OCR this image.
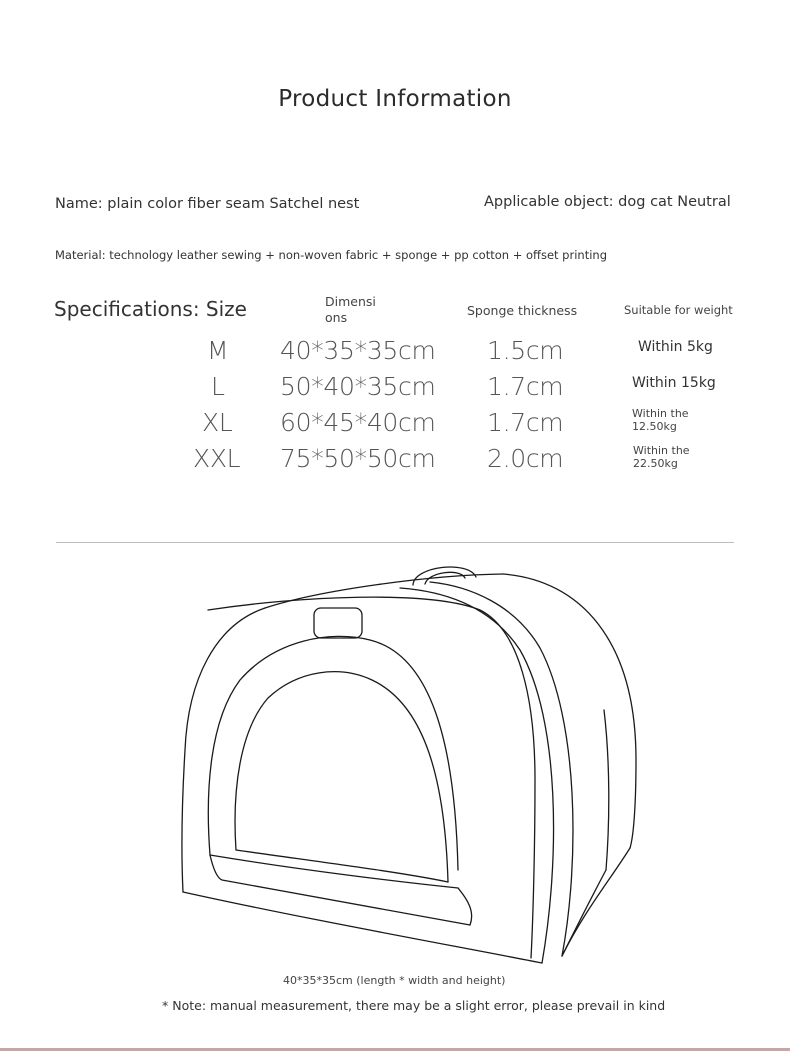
Product Information
Name: plain color fiber seam Satchel nest	Applicable object: dog cat Neutral
Material: technology leather sewing + non-woven fabric + sponge + pp cotton + offset printing
Specifications: Size	Dimensi
ons	Sponge thickness	Suitable for weight
M 40*35*35cm 1.5cm	Within 5kg
L 50*40*35cm 1.7cm	Within 15kg
XL 60*45*40cm 1.7cm	Within the
12.50kg
XXL 75*50*50cm 2.0cm	Within the
22.50kg
40*35*35cm (length * width and height)
* Note: manual measurement, there may be a slight error, please prevail in kind
